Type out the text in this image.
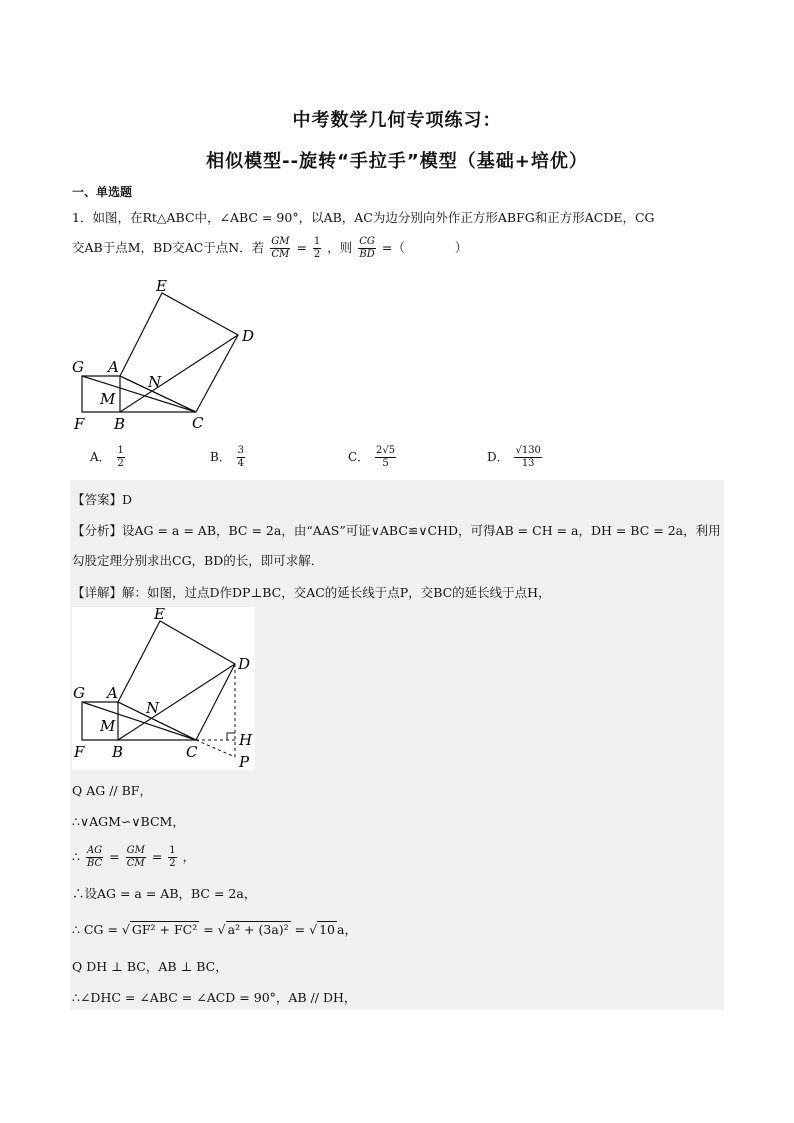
中考数学几何专项练习：
相似模型--旋转“手拉手”模型（基础+培优）
一、单选题
1．如图，在Rt△ABC中，∠ABC = 90°，以AB，AC为边分别向外作正方形ABFG和正方形ACDE，CG
交AB于点M，BD交AC于点N．若 $\frac{GM}{CM} = \frac{1}{2}$ ，则 $\frac{CG}{BD}$ =（　　　　）
E
D
G A
N
M
F B	C
A． $\frac{1}{2}$	B． $\frac{3}{4}$	C． $\frac{2√5}{5}$	D． $\frac{√130}{13}$
【答案】D
【分析】设AG = a = AB，BC = 2a，由“AAS”可证∨ABC≌∨CHD，可得AB = CH = a，DH = BC = 2a，利用
勾股定理分别求出CG，BD的长，即可求解．
【详解】解：如图，过点D作DP⊥BC，交AC的延长线于点P，交BC的延长线于点H，
E
D
G A
N
M
F B	C
H
P
Q AG // BF，
∴∨AGM∽∨BCM，
∴ $\frac{AG}{BC} = \frac{GM}{CM} = \frac{1}{2}$ ，
∴设AG = a = AB，BC = 2a，
∴ CG = √ GF² + FC² = √ a² + (3a)² = √ 10 a，
Q DH ⊥ BC，AB ⊥ BC，
∴∠DHC = ∠ABC = ∠ACD = 90°，AB // DH，
